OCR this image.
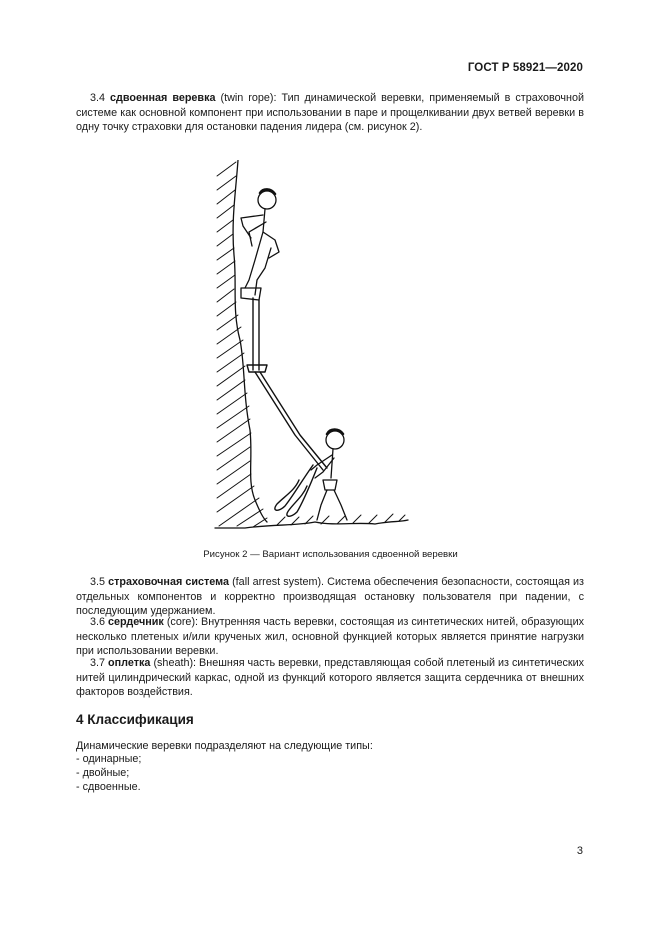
ГОСТ Р 58921—2020

3.4 сдвоенная веревка (twin rope): Тип динамической веревки, применяемый в страховочной системе как основной компонент при использовании в паре и прощелкивании двух ветвей веревки в одну точку страховки для остановки падения лидера (см. рисунок 2).

Рисунок 2 — Вариант использования сдвоенной веревки

3.5 страховочная система (fall arrest system). Система обеспечения безопасности, состоящая из отдельных компонентов и корректно производящая остановку пользователя при падении, с последующим удержанием.

3.6 сердечник (core): Внутренняя часть веревки, состоящая из синтетических нитей, образующих несколько плетеных и/или крученых жил, основной функцией которых является принятие нагрузки при использовании веревки.

3.7 оплетка (sheath): Внешняя часть веревки, представляющая собой плетеный из синтетических нитей цилиндрический каркас, одной из функций которого является защита сердечника от внешних факторов воздействия.

4 Классификация
Динамические веревки подразделяют на следующие типы:
- одинарные;
- двойные;
- сдвоенные.
3
